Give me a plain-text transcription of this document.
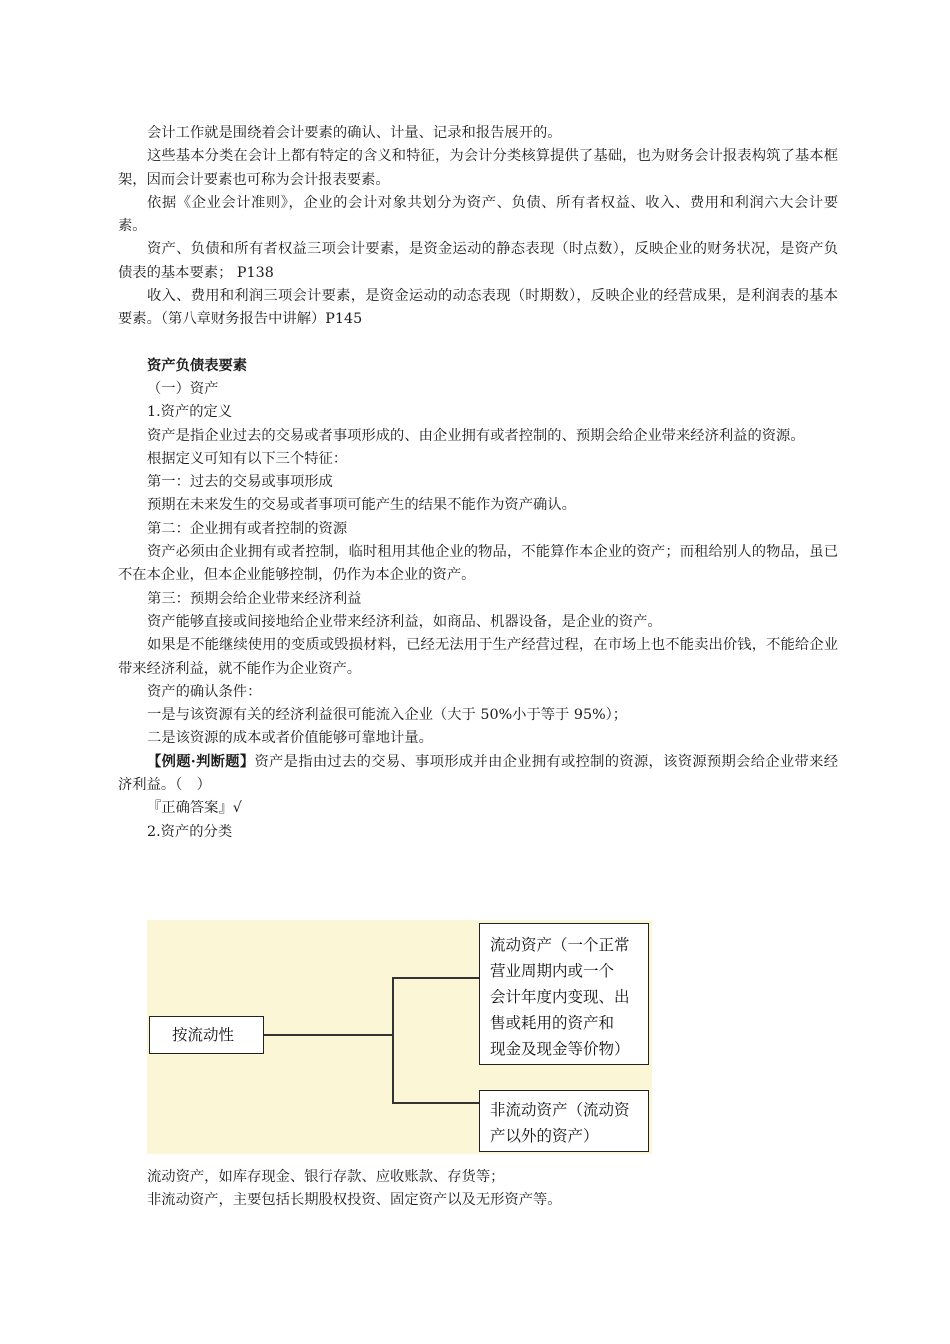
会计工作就是围绕着会计要素的确认、计量、记录和报告展开的。

这些基本分类在会计上都有特定的含义和特征，为会计分类核算提供了基础，也为财务会计报表构筑了基本框架，因而会计要素也可称为会计报表要素。

依据《企业会计准则》，企业的会计对象共划分为资产、负债、所有者权益、收入、费用和利润六大会计要素。

资产、负债和所有者权益三项会计要素，是资金运动的静态表现（时点数），反映企业的财务状况，是资产负债表的基本要素； P138

收入、费用和利润三项会计要素，是资金运动的动态表现（时期数），反映企业的经营成果，是利润表的基本要素。（第八章财务报告中讲解）P145

资产负债表要素

（一）资产

1.资产的定义

资产是指企业过去的交易或者事项形成的、由企业拥有或者控制的、预期会给企业带来经济利益的资源。

根据定义可知有以下三个特征：

第一：过去的交易或事项形成

预期在未来发生的交易或者事项可能产生的结果不能作为资产确认。

第二：企业拥有或者控制的资源

资产必须由企业拥有或者控制，临时租用其他企业的物品，不能算作本企业的资产；而租给别人的物品，虽已不在本企业，但本企业能够控制，仍作为本企业的资产。

第三：预期会给企业带来经济利益

资产能够直接或间接地给企业带来经济利益，如商品、机器设备，是企业的资产。

如果是不能继续使用的变质或毁损材料，已经无法用于生产经营过程，在市场上也不能卖出价钱，不能给企业带来经济利益，就不能作为企业资产。

资产的确认条件：

一是与该资源有关的经济利益很可能流入企业（大于 50%小于等于 95%）；

二是该资源的成本或者价值能够可靠地计量。

【例题·判断题】资产是指由过去的交易、事项形成并由企业拥有或控制的资源，该资源预期会给企业带来经济利益。（　）

『正确答案』√

2.资产的分类

按流动性
流动资产（一个正常
营业周期内或一个
会计年度内变现、出
售或耗用的资产和
现金及现金等价物）
非流动资产（流动资
产以外的资产）

流动资产，如库存现金、银行存款、应收账款、存货等；

非流动资产，主要包括长期股权投资、固定资产以及无形资产等。
